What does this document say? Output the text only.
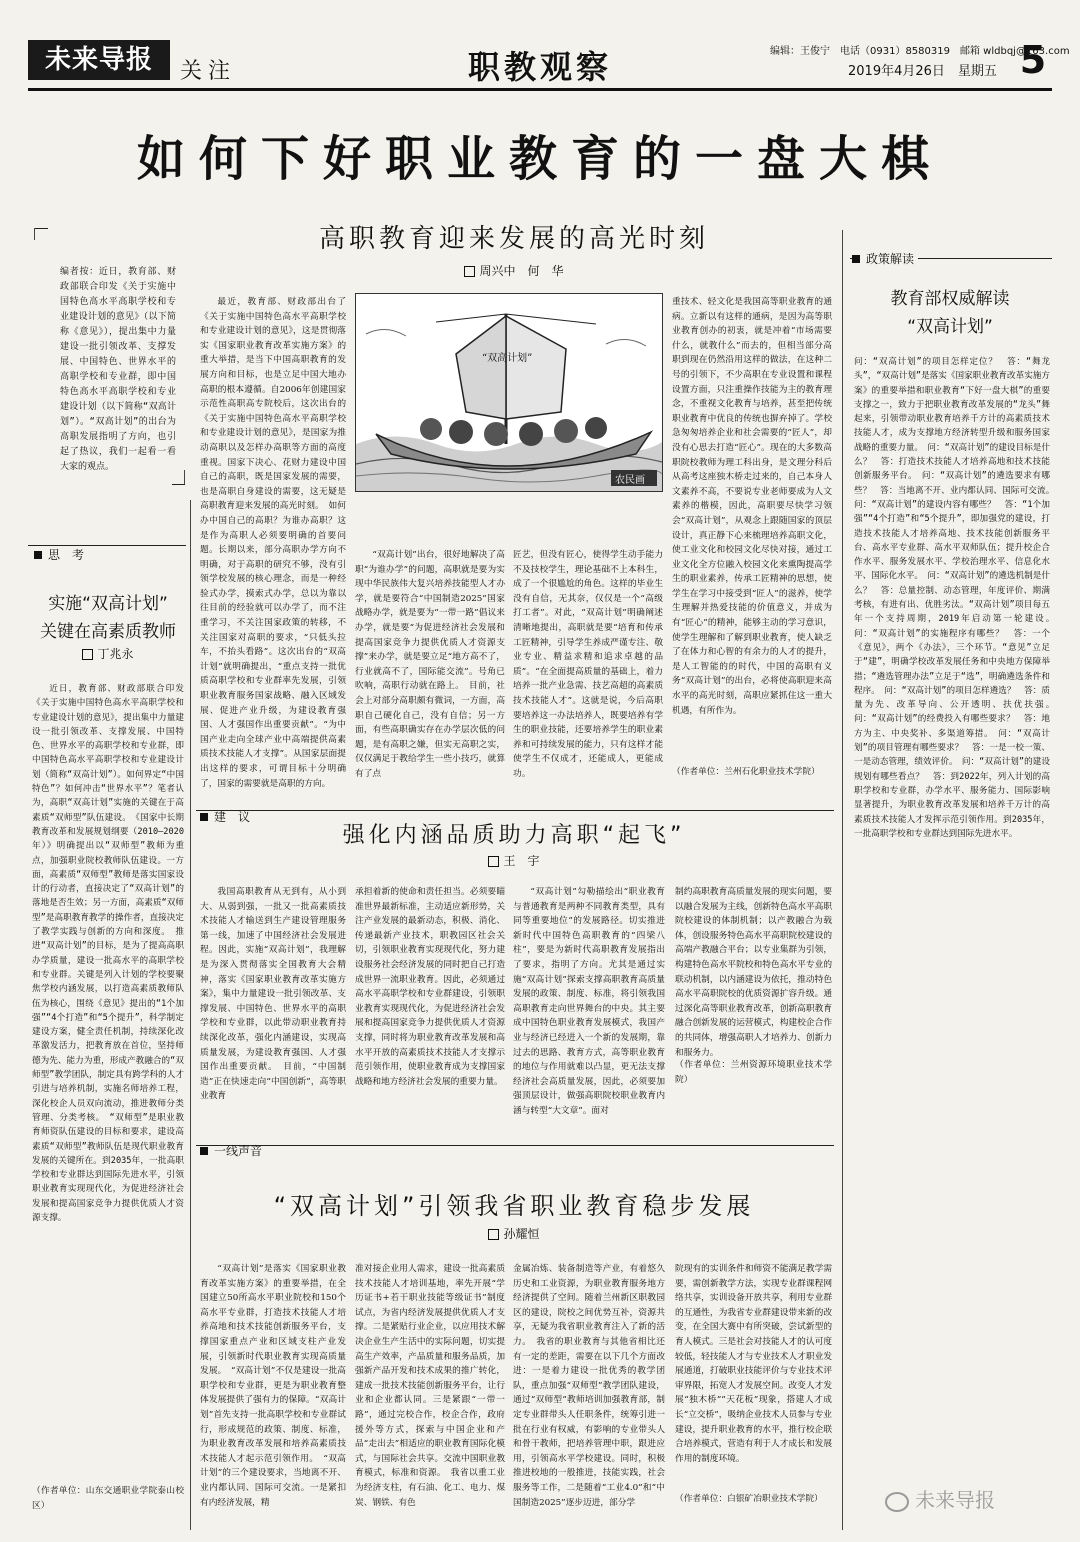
未来导报	关注	职教观察	编辑：王俊宁　电话（0931）8580319　邮箱 wldbqj@163.com
2019年4月26日　星期五 5
如何下好职业教育的一盘大棋
编者按：近日，教育部、财政部联合印发《关于实施中国特色高水平高职学校和专业建设计划的意见》（以下简称《意见》），提出集中力量建设一批引领改革、支撑发展、中国特色、世界水平的高职学校和专业群，即中国特色高水平高职学校和专业建设计划（以下简称“双高计划”）。“双高计划”的出台为高职发展指明了方向，也引起了热议，我们一起看一看大家的观点。
高职教育迎来发展的高光时刻
周兴中　何　华
最近，教育部、财政部出台了《关于实施中国特色高水平高职学校和专业建设计划的意见》，这是贯彻落实《国家职业教育改革实施方案》的重大举措，是当下中国高职教育的发展方向和目标，也是立足中国大地办高职的根本遵循。自2006年创建国家示范性高职高专院校后，这次出台的《关于实施中国特色高水平高职学校和专业建设计划的意见》，是国家为推动高职以及怎样办高职等方面的高度重视。国家下决心、花财力建设中国自己的高职，既是国家发展的需要，也是高职自身建设的需要，这无疑是高职教育迎来发展的高光时刻。　如何办中国自己的高职？为谁办高职？这是作为高职人必须要明确的首要问题。长期以来，部分高职办学方向不明确，对于高职的研究不够，没有引领学校发展的核心理念，而是一种经验式办学，摸索式办学，总以为靠以往目前的经验就可以办学了，而不注重学习，不关注国家政策的转移，不关注国家对高职的要求，“只低头拉车，不抬头看路”。这次出台的“双高计划”就明确提出，“重点支持一批优质高职学校和专业群率先发展，引领职业教育服务国家战略、融入区域发展、促进产业升级，为建设教育强国、人才强国作出重要贡献”。“为中国产业走向全球产业中高端提供高素质技术技能人才支撑”。从国家层面提出这样的要求，可谓目标十分明确了，国家的需要就是高职的方向。
“双高计划”
农民画
“双高计划”出台，很好地解决了高职“为谁办学”的问题，高职就是要为实现中华民族伟大复兴培养技能型人才办学，就是要符合“中国制造2025”国家战略办学，就是要为“一带一路”倡议来办学，就是要“为促进经济社会发展和提高国家竞争力提供优质人才资源支撑”来办学，就是要立足“地方高不了，行业就高不了，国际能交流”。号角已吹响，高职行动就在路上。　目前，社会上对部分高职颇有微词，一方面，高职自己硬化自己，没有自信；另一方面，有些高职确实存在办学层次低的问题，是有高职之嫌，但实无高职之实，仅仅满足于教给学生一些小技巧，就算有了点
匠艺，但没有匠心，使得学生动手能力不及技校学生，理论基础不上本科生，成了一个很尴尬的角色。这样的毕业生没有自信，无其奈，仅仅是一个“高级打工者”。对此，“双高计划”明确阐述清晰地提出，高职就是要“培育和传承工匠精神，引导学生养成严谨专注、敬业专业、精益求精和追求卓越的品质”。“在全面提高质量的基础上，着力培养一批产业急需、技艺高超的高素质技术技能人才”。这就是说，今后高职要培养这一办法培养人，既要培养有学生的职业技能，还要培养学生的职业素养和可持续发展的能力，只有这样才能使学生不仅成才，还能成人，更能成功。
重技术、轻文化是我国高等职业教育的通病。立新以有这样的通病，是因为高等职业教育创办的初衷，就是冲着“市场需要什么，就教什么”而去的，但相当部分高职到现在仍然沿用这样的做法，在这种二号的引领下，不少高职在专业设置和课程设置方面，只注重操作技能为主的教育理念，不重视文化教育与培养，甚至把传统职业教育中优良的传统也摒弃掉了。学校急匆匆培养企业和社会需要的“匠人”，却没有心思去打造“匠心”。现在的大多数高职院校教师为理工科出身，是文理分科后从高考这座独木桥走过来的，自己本身人文素养不高，不要说专业老师要成为人文素养的楷模，因此，高职要尽快学习领会“双高计划”，从观念上跟随国家的顶层设计，真正静下心来梳理培养高职文化，使工业文化和校园文化尽快对接，通过工业文化全方位融入校园文化来熏陶提高学生的职业素养，传承工匠精神的思想，使学生在学习中接受到“匠人”的滋养，使学生理解并热爱技能的价值意义，并成为有“匠心”的精神，能够主动的学习意识，使学生理解和了解到职业教育，使人缺乏了在体力和心智的有余力的人才的提升，是人工智能的的时代，中国的高职有义务“双高计划”的出台，必将使高职迎来高水平的高光时刻，高职应紧抓住这一重大机遇，有所作为。
（作者单位：兰州石化职业技术学院）
建　议
强化内涵品质助力高职“起飞”
王　宇
我国高职教育从无到有，从小到大、从弱到强，一批又一批高素质技术技能人才输送到生产建设管理服务第一线，加速了中国经济社会发展进程。因此，实施“双高计划”，我理解是为深入贯彻落实全国教育大会精神，落实《国家职业教育改革实施方案》，集中力量建设一批引领改革、支撑发展、中国特色、世界水平的高职学校和专业群，以此带动职业教育持续深化改革，强化内涵建设，实现高质量发展，为建设教育强国、人才强国作出重要贡献。　目前，“中国制造”正在快速走向“中国创新”，高等职业教育
承担着新的使命和责任担当。必须要瞄准世界最新标准，主动适应新形势，关注产业发展的最新动态，积极、消化、传递最新产业技术，职教园区社会关切，引领职业教育实现现代化，努力建设服务社会经济发展的同时把自己打造成世界一流职业教育。因此，必须通过高水平高职学校和专业群建设，引领职业教育实现现代化，为促进经济社会发展和提高国家竞争力提供优质人才资源支撑，同时将为职业教育改革发展和高水平开放的高素质技术技能人才支撑示范引领作用，使职业教育成为支撑国家战略和地方经济社会发展的重要力量。
“双高计划”勾勒描绘出“职业教育与普通教育是两种不同教育类型，具有同等重要地位”的发展路径。切实推进新时代中国特色高职教育的“四梁八柱”，要是为新时代高职教育发展指出了要求，指明了方向。尤其是通过实施“双高计划”探索支撑高职教育高质量发展的政策、制度、标准，将引领我国高职教育走向世界舞台的中央。其主要成中国特色职业教育发展模式，我国产业与经济已经进入一个新的发展期，靠过去的思路、教育方式，高等职业教育的地位与作用就难以凸显，更无法支撑经济社会高质量发展，因此，必须要加强顶层设计，做强高职院校职业教育内涵与转型“大文章”。面对
制约高职教育高质量发展的现实问题，要以融合发展为主线，创新特色高水平高职院校建设的体制机制；以产教融合为载体，创设服务特色高水平高职院校建设的高端产教融合平台；以专业集群为引领，构建特色高水平院校和特色高水平专业的联动机制，以内涵建设为依托，推动特色高水平高职院校的优质资源扩容升级。通过深化高等职业教育改革，创新高职教育融合创新发展的运营模式，构建校企合作的共同体，增强高职人才培养力、创新力和服务力。
（作者单位：兰州资源环境职业技术学院）
一线声音
“双高计划”引领我省职业教育稳步发展
孙耀恒
“双高计划”是落实《国家职业教育改革实施方案》的重要举措，在全国建立50所高水平职业院校和150个高水平专业群，打造技术技能人才培养高地和技术技能创新服务平台，支撑国家重点产业和区域支柱产业发展，引领新时代职业教育实现高质量发展。　“双高计划”不仅是建设一批高职学校和专业群，更是为职业教育整体发展提供了强有力的保障。“双高计划”首先支持一批高职学校和专业群试行，形成规范的政策、制度、标准，为职业教育改革发展和培养高素质技术技能人才起示范引领作用。　“双高计划”的三个建设要求，当地离不开、业内都认同、国际可交流。一是紧扣有内经济发展，精
准对接企业用人需求，建设一批高素质技术技能人才培训基地，率先开展“学历证书+若干职业技能等级证书”制度试点，为省内经济发展提供优质人才支撑。二是紧贴行业企业，以应用技术解决企业生产生活中的实际问题，切实提高生产效率，产品质量和服务品质，加强新产品开发和技术成果的推广转化，建成一批技术技能创新服务平台，让行业和企业都认同。三是紧跟“一带一路”，通过完校合作，校企合作，政府援外等方式，探索与中国企业和产品“走出去”相适应的职业教育国际化模式，与国际社会共享。交流中国职业教育模式，标准和资源。　我省以重工业为经济支柱，有石油、化工、电力、煤炭、钢铁、有色
金属冶炼、装备制造等产业，有着悠久历史和工业资源，为职业教育服务地方经济提供了空间。随着兰州新区职教园区的建设，院校之间优势互补，资源共享，无疑为我省职业教育注入了新的活力。　我省的职业教育与其他省相比还有一定的差距，需要在以下几个方面改进：一是着力建设一批优秀的教学团队，重点加强“双师型”教学团队建设，通过“双师型”教师培训加强教育部，制定专业群带头人任职条件，统筹引进一批在行业有权威，有影响的专业带头人和骨干教师，把培养管理中职，跟进应用，引领高水平学校建设。同时，积极推进校地的一般推进，技能实践，社会服务等工作，二是随着“工业4.0”和“中国制造2025”逐步迈进，部分学
院现有的实训条件和师资不能满足教学需要，需创新教学方法，实现专业群课程网络共享，实训设备开放共享，利用专业群的互通性，为我省专业群建设带来新的改变，在全国大赛中有所突破，尝试新型的育人模式。三是社会对技能人才的认可度较低，轻技能人才与专业技术人才职业发展通道，打破职业技能评价与专业技术评审界限，拓宽人才发展空间。改变人才发展“独木桥”“天花板”现象，搭建人才成长“立交桥”，吸纳企业技术人员参与专业建设，提升职业教育的水平，推行校企联合培养模式，营造有利于人才成长和发展作用的制度环境。
（作者单位：白银矿冶职业技术学院）
思　考
实施“双高计划”
关键在高素质教师
丁兆永
近日，教育部、财政部联合印发《关于实施中国特色高水平高职学校和专业建设计划的意见》，提出集中力量建设一批引领改革、支撑发展、中国特色、世界水平的高职学校和专业群，即中国特色高水平高职学校和专业建设计划（简称“双高计划”）。如何界定“中国特色”？如何冲击“世界水平”？笔者认为，高职“双高计划”实施的关键在于高素质“双师型”队伍建设。　《国家中长期教育改革和发展规划纲要（2010—2020年）》明确提出以“双师型”教师为重点，加强职业院校教师队伍建设。一方面，高素质“双师型”教师是落实国家设计的行动者，直接决定了“双高计划”的落地是否生效；另一方面，高素质“双师型”是高职教育教学的操作者，直接决定了教学实践与创新的方向和深度。　推进“双高计划”的目标，是为了提高高职办学质量，建设一批高水平的高职学校和专业群。关键是列入计划的学校要聚焦学校内涵发展，以打造高素质教师队伍为核心，围绕《意见》提出的“1个加强”“4个打造”和“5个提升”，科学制定建设方案，健全责任机制，持续深化改革激发活力，把教育放在首位，坚持师德为先、能力为重，形成产教融合的“双师型”教学团队，制定具有跨学科的人才引进与培养机制，实施名师培养工程，深化校企人员双向流动，推进教师分类管理、分类考核。　“双师型”是职业教育师资队伍建设的目标和要求，建设高素质“双师型”教师队伍是现代职业教育发展的关键所在。到2035年，一批高职学校和专业群达到国际先进水平，引领职业教育实现现代化，为促进经济社会发展和提高国家竞争力提供优质人才资源支撑。
（作者单位：山东交通职业学院泰山校区）
政策解读
教育部权威解读
“双高计划”
问：“双高计划”的项目怎样定位？　答：“舞龙头”，“双高计划”是落实《国家职业教育改革实施方案》的重要举措和职业教育“下好一盘大棋”的重要支撑之一，致力于把职业教育改革发展的“龙头”舞起来，引领带动职业教育培养千方计的高素质技术技能人才，成为支撑地方经济转型升级和服务国家战略的重要力量。　问：“双高计划”的建设目标是什么？　答：打造技术技能人才培养高地和技术技能创新服务平台。　问：“双高计划”的遴选要求有哪些？　答：当地离不开、业内都认同、国际可交流。　问：“双高计划”的建设内容有哪些？　答：“1个加强”“4个打造”和“5个提升”，即加强党的建设，打造技术技能人才培养高地、技术技能创新服务平台、高水平专业群、高水平双师队伍；提升校企合作水平、服务发展水平、学校治理水平、信息化水平、国际化水平。　问：“双高计划”的遴选机制是什么？　答：总量控制、动态管理，年度评价、期满考核，有进有出、优胜劣汰。“双高计划”项目每五年一个支持周期，2019年启动第一轮建设。　问：“双高计划”的实施程序有哪些？　答：一个《意见》，两个《办法》，三个环节。“意见”立足于“建”，明确学校改革发展任务和中央地方保障举措；“遴选管理办法”立足于“选”，明确遴选条件和程序。　问：“双高计划”的项目怎样遴选？　答：质量为先、改革导向、公开透明、扶优扶强。　问：“双高计划”的经费投入有哪些要求？　答：地方为主、中央奖补、多渠道筹措。　问：“双高计划”的项目管理有哪些要求？　答：一是一校一策、一是动态管理，绩效评价。　问：“双高计划”的建设规划有哪些看点？　答：到2022年，列入计划的高职学校和专业群，办学水平、服务能力、国际影响显著提升，为职业教育改革发展和培养千万计的高素质技术技能人才发挥示范引领作用。到2035年，一批高职学校和专业群达到国际先进水平。
未来导报
